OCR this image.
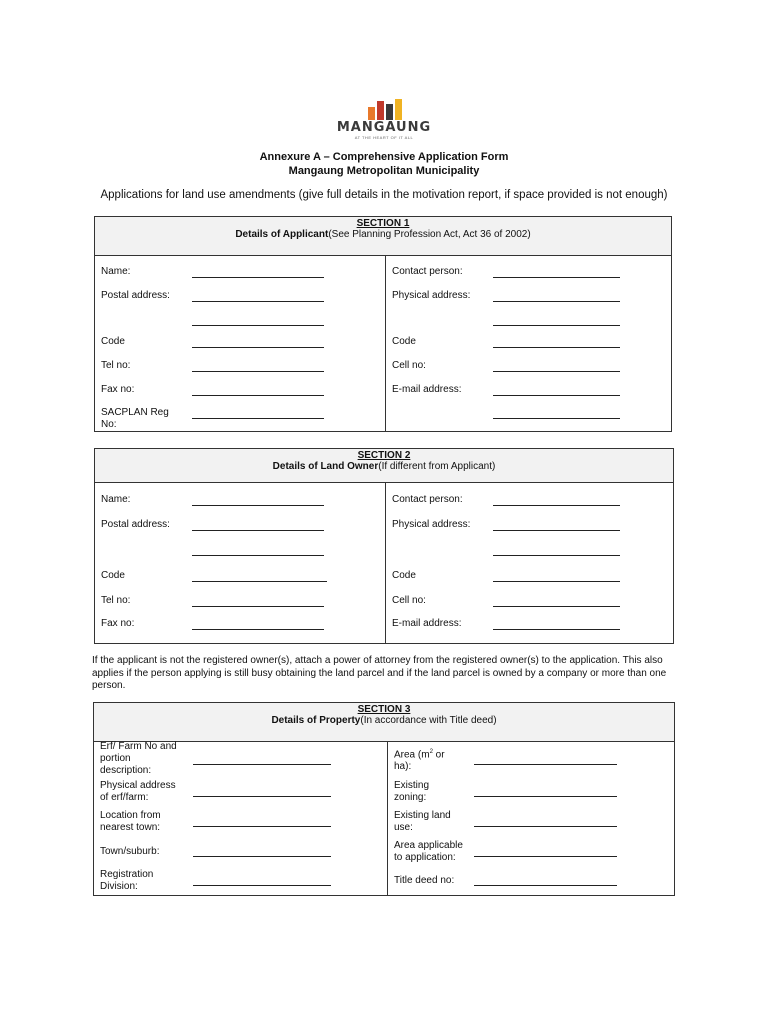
MANGAUNG
AT THE HEART OF IT ALL
Annexure A – Comprehensive Application Form
Mangaung Metropolitan Municipality
Applications for land use amendments (give full details in the motivation report, if space provided is not enough)
SECTION 1
Details of Applicant(See Planning Profession Act, Act 36 of 2002)
Name:
Postal address:
Code
Tel no:
Fax no:
SACPLAN Reg No:
Contact person:
Physical address:
Code
Cell no:
E-mail address:
SECTION 2
Details of Land Owner(If different from Applicant)
Name:
Postal address:
Code
Tel no:
Fax no:
Contact person:
Physical address:
Code
Cell no:
E-mail address:
If the applicant is not the registered owner(s), attach a power of attorney from the registered owner(s) to the application. This also applies if the person applying is still busy obtaining the land parcel and if the land parcel is owned by a company or more than one person.
SECTION 3
Details of Property(In accordance with Title deed)
Erf/ Farm No and portion description:
Physical address of erf/farm:
Location from nearest town:
Town/suburb:
Registration Division:
Area ($m^2$ or ha):
Existing zoning:
Existing land use:
Area applicable to application:
Title deed no:
